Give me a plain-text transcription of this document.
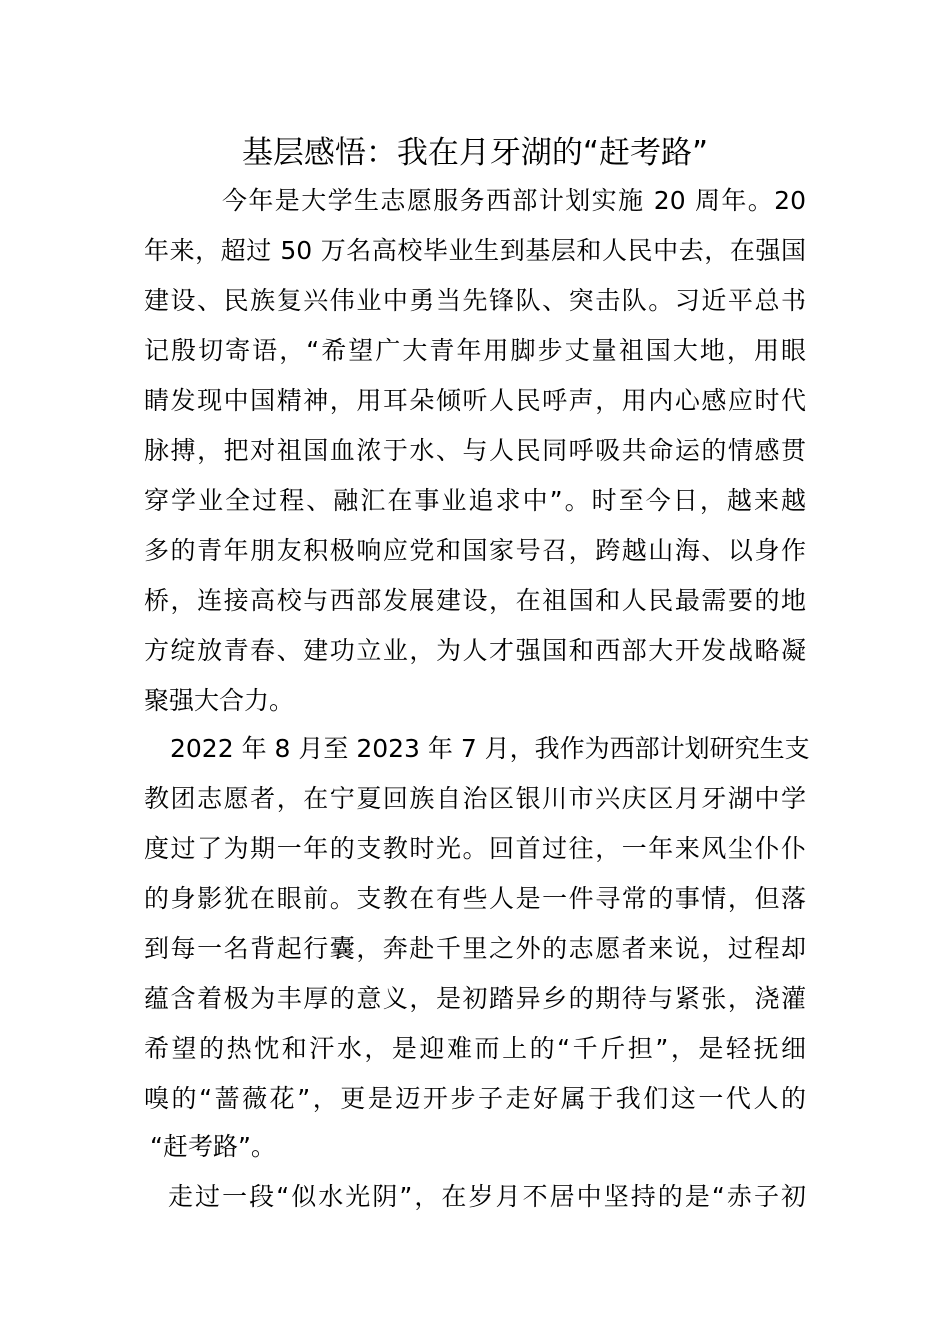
基层感悟：我在月牙湖的“赶考路”
今年是大学生志愿服务西部计划实施 20 周年。20
年来，超过 50 万名高校毕业生到基层和人民中去，在强国
建设、民族复兴伟业中勇当先锋队、突击队。习近平总书
记殷切寄语，“希望广大青年用脚步丈量祖国大地，用眼
睛发现中国精神，用耳朵倾听人民呼声，用内心感应时代
脉搏，把对祖国血浓于水、与人民同呼吸共命运的情感贯
穿学业全过程、融汇在事业追求中”。时至今日，越来越
多的青年朋友积极响应党和国家号召，跨越山海、以身作
桥，连接高校与西部发展建设，在祖国和人民最需要的地
方绽放青春、建功立业，为人才强国和西部大开发战略凝
聚强大合力。
2022 年 8 月至 2023 年 7 月，我作为西部计划研究生支
教团志愿者，在宁夏回族自治区银川市兴庆区月牙湖中学
度过了为期一年的支教时光。回首过往，一年来风尘仆仆
的身影犹在眼前。支教在有些人是一件寻常的事情，但落
到每一名背起行囊，奔赴千里之外的志愿者来说，过程却
蕴含着极为丰厚的意义，是初踏异乡的期待与紧张，浇灌
希望的热忱和汗水，是迎难而上的“千斤担”，是轻抚细
嗅的“蔷薇花”，更是迈开步子走好属于我们这一代人的
“赶考路”。
走过一段“似水光阴”，在岁月不居中坚持的是“赤子初
